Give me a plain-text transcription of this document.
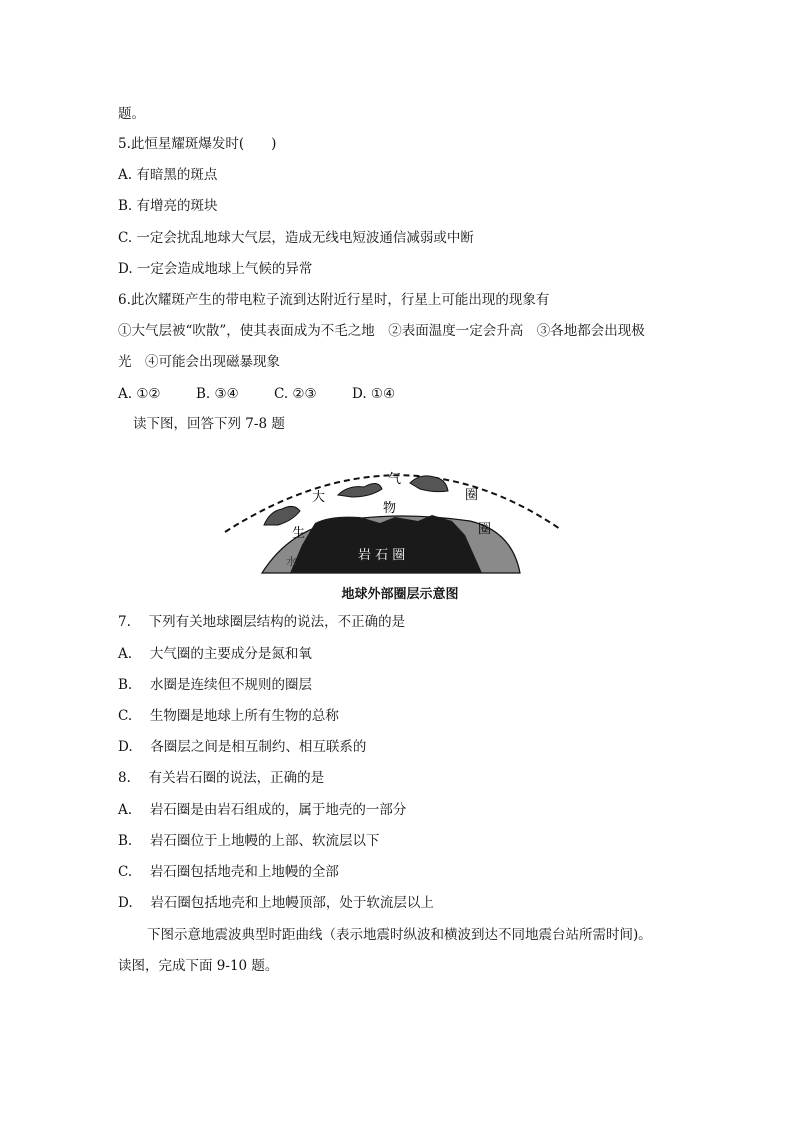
题。
5.此恒星耀斑爆发时(　　)
A. 有暗黑的斑点
B. 有增亮的斑块
C. 一定会扰乱地球大气层，造成无线电短波通信减弱或中断
D. 一定会造成地球上气候的异常
6.此次耀斑产生的带电粒子流到达附近行星时，行星上可能出现的现象有
①大气层被“吹散”，使其表面成为不毛之地　②表面温度一定会升高　③各地都会出现极
光　④可能会出现磁暴现象
A. ①②	B. ③④	C. ②③	D. ①④
读下图，回答下列 7-8 题
大
气
圈
生
物
圈
水	岩 石 圈
地球外部圈层示意图
7.　 下列有关地球圈层结构的说法，不正确的是
A.　 大气圈的主要成分是氮和氧
B.　 水圈是连续但不规则的圈层
C.　 生物圈是地球上所有生物的总称
D.　 各圈层之间是相互制约、相互联系的
8.　 有关岩石圈的说法，正确的是
A.　 岩石圈是由岩石组成的，属于地壳的一部分
B.　 岩石圈位于上地幔的上部、软流层以下
C.　 岩石圈包括地壳和上地幔的全部
D.　 岩石圈包括地壳和上地幔顶部，处于软流层以上
下图示意地震波典型时距曲线（表示地震时纵波和横波到达不同地震台站所需时间)。
读图，完成下面 9-10 题。
